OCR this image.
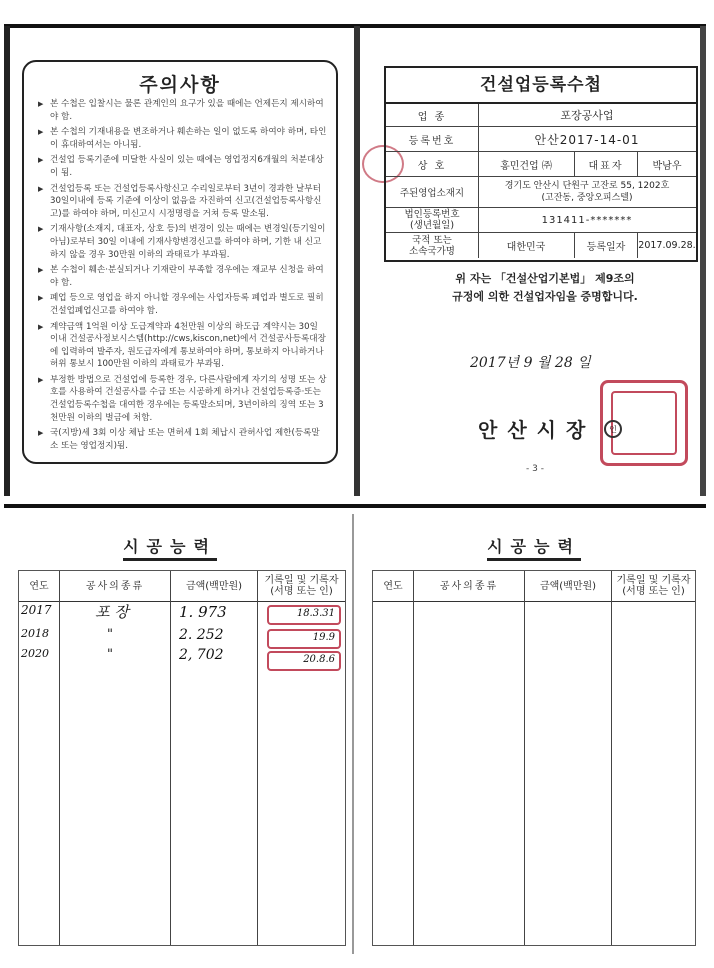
주의사항
▶ 본 수첩은 입찰시는 물론 관계인의 요구가 있을 때에는 언제든지 제시하여야 함.
▶ 본 수첩의 기재내용을 변조하거나 훼손하는 일이 없도록 하여야 하며, 타인이 휴대하여서는 아니됨.
▶ 건설업 등록기준에 미달한 사실이 있는 때에는 영업정지6개월의 처분대상이 됨.
▶ 건설업등록 또는 건설업등록사항신고 수리일로부터 3년이 경과한 날부터 30일이내에 등록 기준에 이상이 없음을 자진하여 신고(건설업등록사항신고)를 하여야 하며, 미신고시 시정명령을 거쳐 등록 말소됨.
▶ 기재사항(소재지, 대표자, 상호 등)의 변경이 있는 때에는 변경일(등기일이 아님)로부터 30일 이내에 기재사항변경신고를 하여야 하며, 기한 내 신고하지 않을 경우 30만원 이하의 과태료가 부과됨.
▶ 본 수첩이 훼손·분실되거나 기재란이 부족할 경우에는 재교부 신청을 하여야 함.
▶ 폐업 등으로 영업을 하지 아니할 경우에는 사업자등록 폐업과 별도로 필히 건설업폐업신고를 하여야 함.
▶ 계약금액 1억원 이상 도급계약과 4천만원 이상의 하도급 계약시는 30일 이내 건설공사정보시스템(http://cws,kiscon,net)에서 건설공사등록대장에 입력하여 발주자, 원도급자에게 통보하여야 하며, 통보하지 아니하거나 허위 통보시 100만원 이하의 과태료가 부과됨.
▶ 부정한 방법으로 건설업에 등록한 경우, 다른사람에게 자기의 성명 또는 상호를 사용하여 건설공사를 수급 또는 시공하게 하거나 건설업등록증·또는 건설업등록수첩을 대여한 경우에는 등록말소되며, 3년이하의 징역 또는 3천만원 이하의 벌금에 처함.
▶ 국(지방)세 3회 이상 체납 또는 면허세 1회 체납시 관허사업 제한(등록말소 또는 영업정지)됨.
건설업등록수첩
업 종	포장공사업
등록번호	안산2017-14-01
상 호	홍민건업 ㈜	대표자	박남우
주된영업소재지
경기도 안산시 단원구 고잔로 55, 1202호
(고잔동, 중앙오피스텔)
법인등록번호
(생년월일)	131411-*******
국적 또는
소속국가명	대한민국	등록일자	2017.09.28.
위 자는 「건설산업기본법」 제9조의
규정에 의한 건설업자임을 증명합니다.
2017년 9 월 28 일
안산시장	인
- 3 -
시공능력
연도	공사의종류	금액(백만원)	기록일 및 기록자
(서명 또는 인)
2017	포 장	1. 973	18.3.31
2018	"	2. 252	19.9
2020	"	2, 702	20.8.6
시공능력
연도	공사의종류	금액(백만원)	기록일 및 기록자
(서명 또는 인)
